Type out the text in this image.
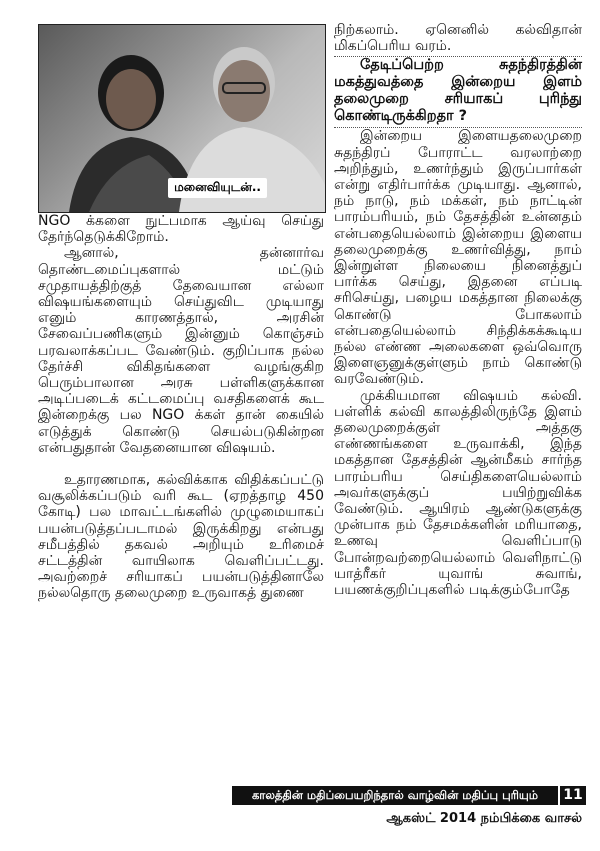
மனைவியுடன்..

NGO க்களை நுட்பமாக ஆய்வு செய்து தேர்ந்தெடுக்கிறோம்.

ஆனால், தன்னார்வ தொண்டமைப்புகளால் மட்டும் சமுதாயத்திற்குத் தேவையான எல்லா விஷயங்களையும் செய்துவிட முடியாது எனும் காரணத்தால், அரசின் சேவைப்பணிகளும் இன்னும் கொஞ்சம் பரவலாக்கப்பட வேண்டும். குறிப்பாக நல்ல தேர்ச்சி விகிதங்களை வழங்குகிற பெரும்பாலான அரசு பள்ளிகளுக்கான அடிப்படைக் கட்டமைப்பு வசதிகளைக் கூட இன்றைக்கு பல NGO க்கள் தான் கையில் எடுத்துக் கொண்டு செயல்படுகின்றன என்பதுதான் வேதனையான விஷயம்.

உதாரணமாக, கல்விக்காக விதிக்கப்பட்டு வசூலிக்கப்படும் வரி கூட (ஏறத்தாழ 450 கோடி) பல மாவட்டங்களில் முழுமையாகப் பயன்படுத்தப்படாமல் இருக்கிறது என்பது சமீபத்தில் தகவல் அறியும் உரிமைச் சட்டத்தின் வாயிலாக வெளிப்பட்டது. அவற்றைச் சரியாகப் பயன்படுத்தினாலே நல்லதொரு தலைமுறை உருவாகத் துணை

நிற்கலாம். ஏனெனில் கல்விதான் மிகப்பெரிய வரம்.

தேடிப்பெற்ற சுதந்திரத்தின் மகத்துவத்தை இன்றைய இளம் தலைமுறை சரியாகப் புரிந்து கொண்டிருக்கிறதா ?

இன்றைய இளையதலைமுறை சுதந்திரப் போராட்ட வரலாற்றை அறிந்தும், உணர்ந்தும் இருப்பார்கள் என்று எதிர்பார்க்க முடியாது. ஆனால், நம் நாடு, நம் மக்கள், நம் நாட்டின் பாரம்பரியம், நம் தேசத்தின் உன்னதம் என்பதையெல்லாம் இன்றைய இளைய தலைமுறைக்கு உணர்வித்து, நாம் இன்றுள்ள நிலையை நினைத்துப் பார்க்க செய்து, இதனை எப்படி சரிசெய்து, பழைய மகத்தான நிலைக்கு கொண்டு போகலாம் என்பதையெல்லாம் சிந்திக்கக்கூடிய நல்ல எண்ண அலைகளை ஒவ்வொரு இளைஞனுக்குள்ளும் நாம் கொண்டு வரவேண்டும்.

முக்கியமான விஷயம் கல்வி. பள்ளிக் கல்வி காலத்திலிருந்தே இளம் தலைமுறைக்குள் அத்தகு எண்ணங்களை உருவாக்கி, இந்த மகத்தான தேசத்தின் ஆன்மீகம் சார்ந்த பாரம்பரிய செய்திகளையெல்லாம் அவர்களுக்குப் பயிற்றுவிக்க வேண்டும். ஆயிரம் ஆண்டுகளுக்கு முன்பாக நம் தேசமக்களின் மரியாதை, உணவு வெளிப்பாடு போன்றவற்றையெல்லாம் வெளிநாட்டு யாத்ரீகர் யுவாங் சுவாங், பயணக்குறிப்புகளில் படிக்கும்போதே

காலத்தின் மதிப்பையறிந்தால் வாழ்வின் மதிப்பு புரியும்	11
ஆகஸ்ட் 2014 நம்பிக்கை வாசல்
